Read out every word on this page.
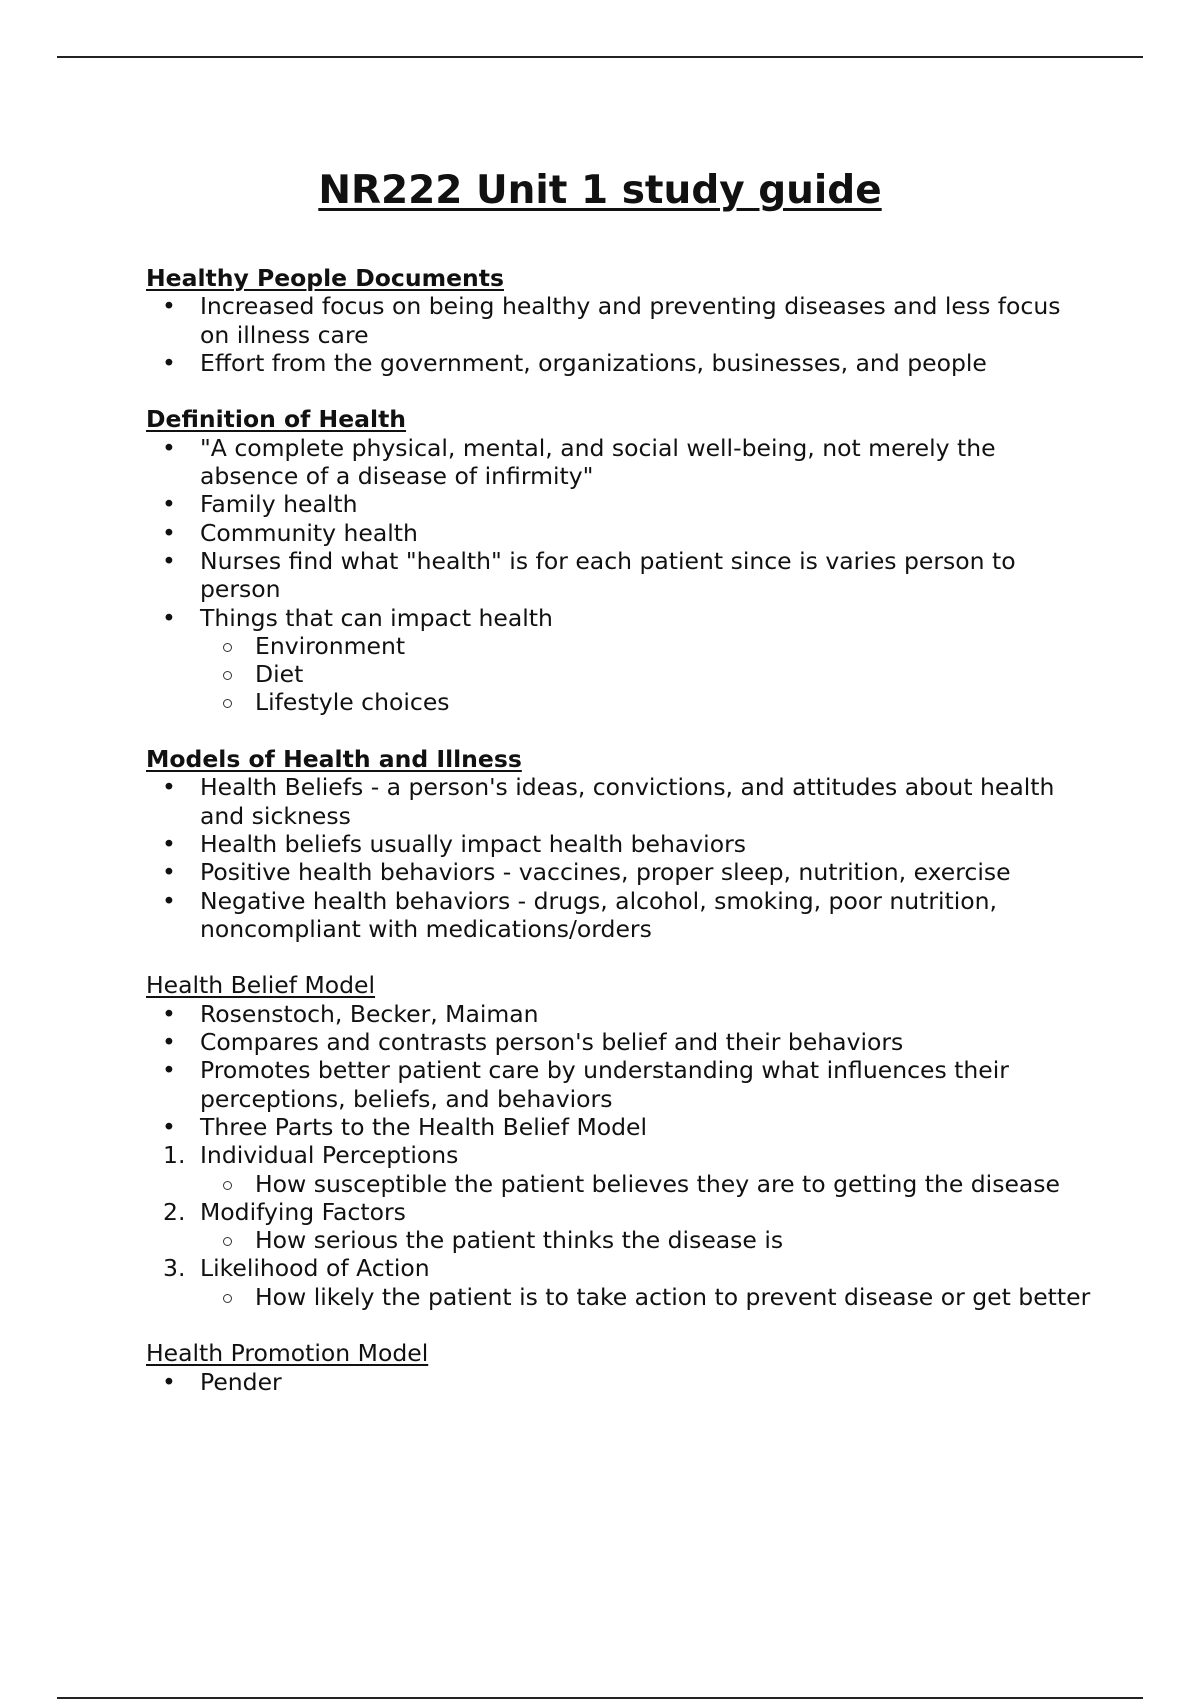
NR222 Unit 1 study guide
Healthy People Documents
• Increased focus on being healthy and preventing diseases and less focus on illness care
• Effort from the government, organizations, businesses, and people
Definition of Health
• "A complete physical, mental, and social well-being, not merely the absence of a disease of infirmity"
• Family health
• Community health
• Nurses find what "health" is for each patient since is varies person to person
• Things that can impact health
Environment
Diet
Lifestyle choices
Models of Health and Illness
• Health Beliefs - a person's ideas, convictions, and attitudes about health and sickness
• Health beliefs usually impact health behaviors
• Positive health behaviors - vaccines, proper sleep, nutrition, exercise
• Negative health behaviors - drugs, alcohol, smoking, poor nutrition, noncompliant with medications/orders
Health Belief Model
• Rosenstoch, Becker, Maiman
• Compares and contrasts person's belief and their behaviors
• Promotes better patient care by understanding what influences their perceptions, beliefs, and behaviors
• Three Parts to the Health Belief Model
1. Individual Perceptions
How susceptible the patient believes they are to getting the disease
2. Modifying Factors
How serious the patient thinks the disease is
3. Likelihood of Action
How likely the patient is to take action to prevent disease or get better
Health Promotion Model
• Pender
